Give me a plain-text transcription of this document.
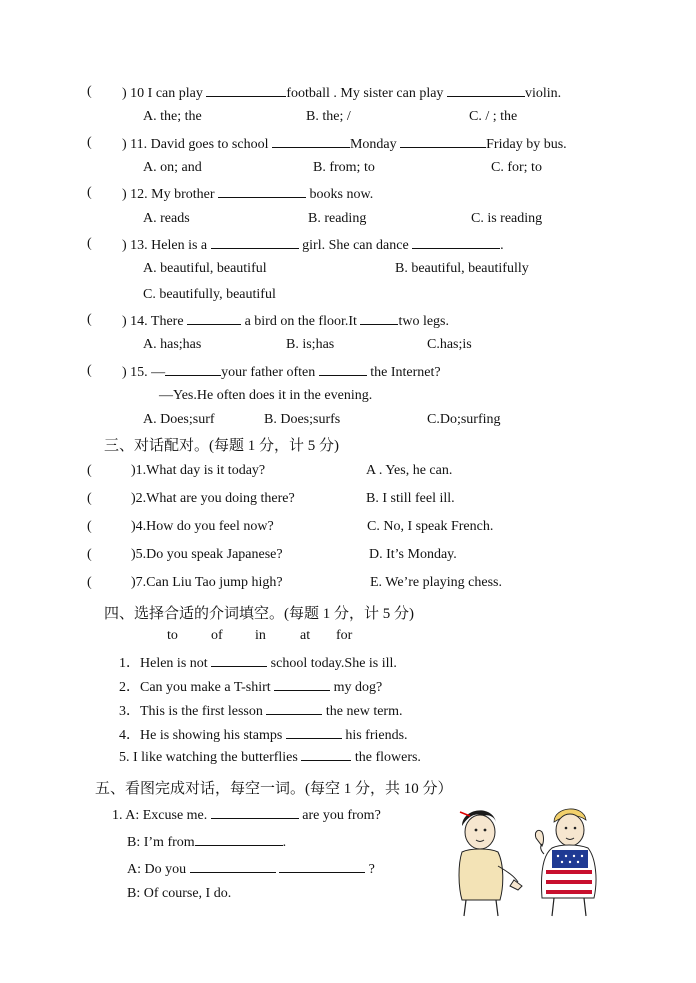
( ) 10 I can play	football . My sister can play	violin.
A. the; the	B. the; /	C. / ; the
( ) 11. David goes to school	Monday	Friday by bus.
A. on; and	B. from; to	C. for; to
( ) 12. My brother	books now.
A. reads	B. reading	C. is reading
( ) 13. Helen is a	girl. She can dance	.
A. beautiful, beautiful	B. beautiful, beautifully
C. beautifully, beautiful
( ) 14. There	a bird on the floor.It	two legs.
A. has;has	B. is;has	C.has;is
( ) 15. —	your father often	the Internet?
—Yes.He often does it in the evening.
A. Does;surf	B. Does;surfs	C.Do;surfing
三、对话配对。(每题 1 分，计 5 分)
(	)1.What day is it today?	A . Yes, he can.
(	)2.What are you doing there?	B. I still feel ill.
(	)4.How do you feel now?	C. No, I speak French.
(	)5.Do you speak Japanese?	D. It’s Monday.
(	)7.Can Liu Tao jump high?	E. We’re playing chess.
四、选择合适的介词填空。(每题 1 分，计 5 分)
to of in at for
1．Helen is not	school today.She is ill.
2．Can you make a T-shirt	my dog?
3．This is the first lesson	the new term.
4．He is showing his stamps	his friends.
5. I like watching the butterflies	the flowers.
五、看图完成对话，每空一词。(每空 1 分，共 10 分）
1. A: Excuse me.	are you from?
B: I’m from	.
A: Do you	?
B: Of course, I do.
